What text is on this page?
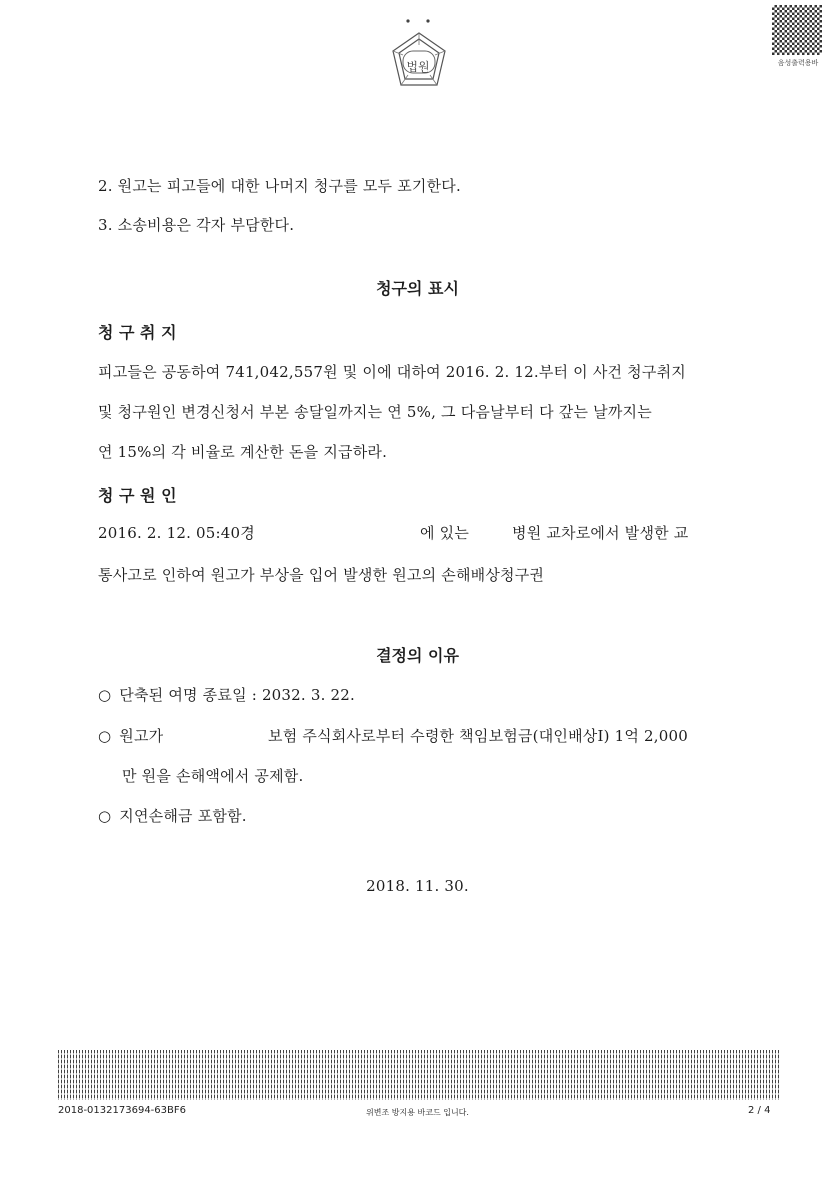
법원	음성출력용바
2. 원고는 피고들에 대한 나머지 청구를 모두 포기한다.
3. 소송비용은 각자 부담한다.
청구의 표시
청 구 취 지
피고들은 공동하여 741,042,557원 및 이에 대하여 2016. 2. 12.부터 이 사건 청구취지
및 청구원인 변경신청서 부본 송달일까지는 연 5%, 그 다음날부터 다 갚는 날까지는
연 15%의 각 비율로 계산한 돈을 지급하라.
청 구 원 인
2016. 2. 12. 05:40경	에 있는	병원 교차로에서 발생한 교
통사고로 인하여 원고가 부상을 입어 발생한 원고의 손해배상청구권
결정의 이유
○ 단축된 여명 종료일 : 2032. 3. 22.
○ 원고가	보험 주식회사로부터 수령한 책임보험금(대인배상Ⅰ) 1억 2,000
만 원을 손해액에서 공제함.
○ 지연손해금 포함함.
2018. 11. 30.
2018-0132173694-63BF6	위변조 방지용 바코드 입니다.	2 / 4
